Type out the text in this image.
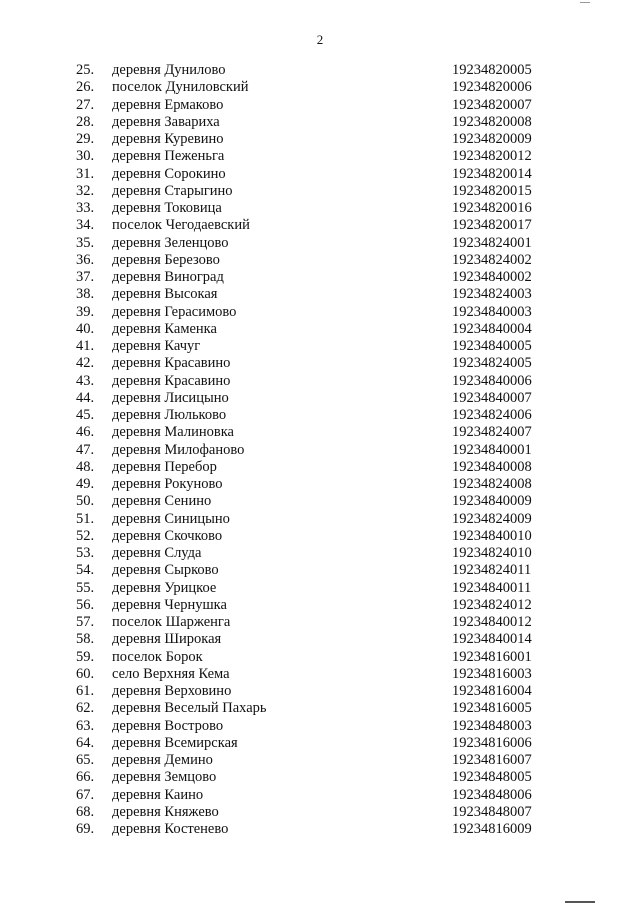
2
25.	деревня Дунилово	19234820005
26.	поселок Дуниловский	19234820006
27.	деревня Ермаково	19234820007
28.	деревня Завариха	19234820008
29.	деревня Куревино	19234820009
30.	деревня Пеженьга	19234820012
31.	деревня Сорокино	19234820014
32.	деревня Старыгино	19234820015
33.	деревня Токовица	19234820016
34.	поселок Чегодаевский	19234820017
35.	деревня Зеленцово	19234824001
36.	деревня Березово	19234824002
37.	деревня Виноград	19234840002
38.	деревня Высокая	19234824003
39.	деревня Герасимово	19234840003
40.	деревня Каменка	19234840004
41.	деревня Качуг	19234840005
42.	деревня Красавино	19234824005
43.	деревня Красавино	19234840006
44.	деревня Лисицыно	19234840007
45.	деревня Люльково	19234824006
46.	деревня Малиновка	19234824007
47.	деревня Милофаново	19234840001
48.	деревня Перебор	19234840008
49.	деревня Рокуново	19234824008
50.	деревня Сенино	19234840009
51.	деревня Синицыно	19234824009
52.	деревня Скочково	19234840010
53.	деревня Слуда	19234824010
54.	деревня Сырково	19234824011
55.	деревня Урицкое	19234840011
56.	деревня Чернушка	19234824012
57.	поселок Шарженга	19234840012
58.	деревня Широкая	19234840014
59.	поселок Борок	19234816001
60.	село Верхняя Кема	19234816003
61.	деревня Верховино	19234816004
62.	деревня Веселый Пахарь	19234816005
63.	деревня Вострово	19234848003
64.	деревня Всемирская	19234816006
65.	деревня Демино	19234816007
66.	деревня Земцово	19234848005
67.	деревня Каино	19234848006
68.	деревня Княжево	19234848007
69.	деревня Костенево	19234816009
